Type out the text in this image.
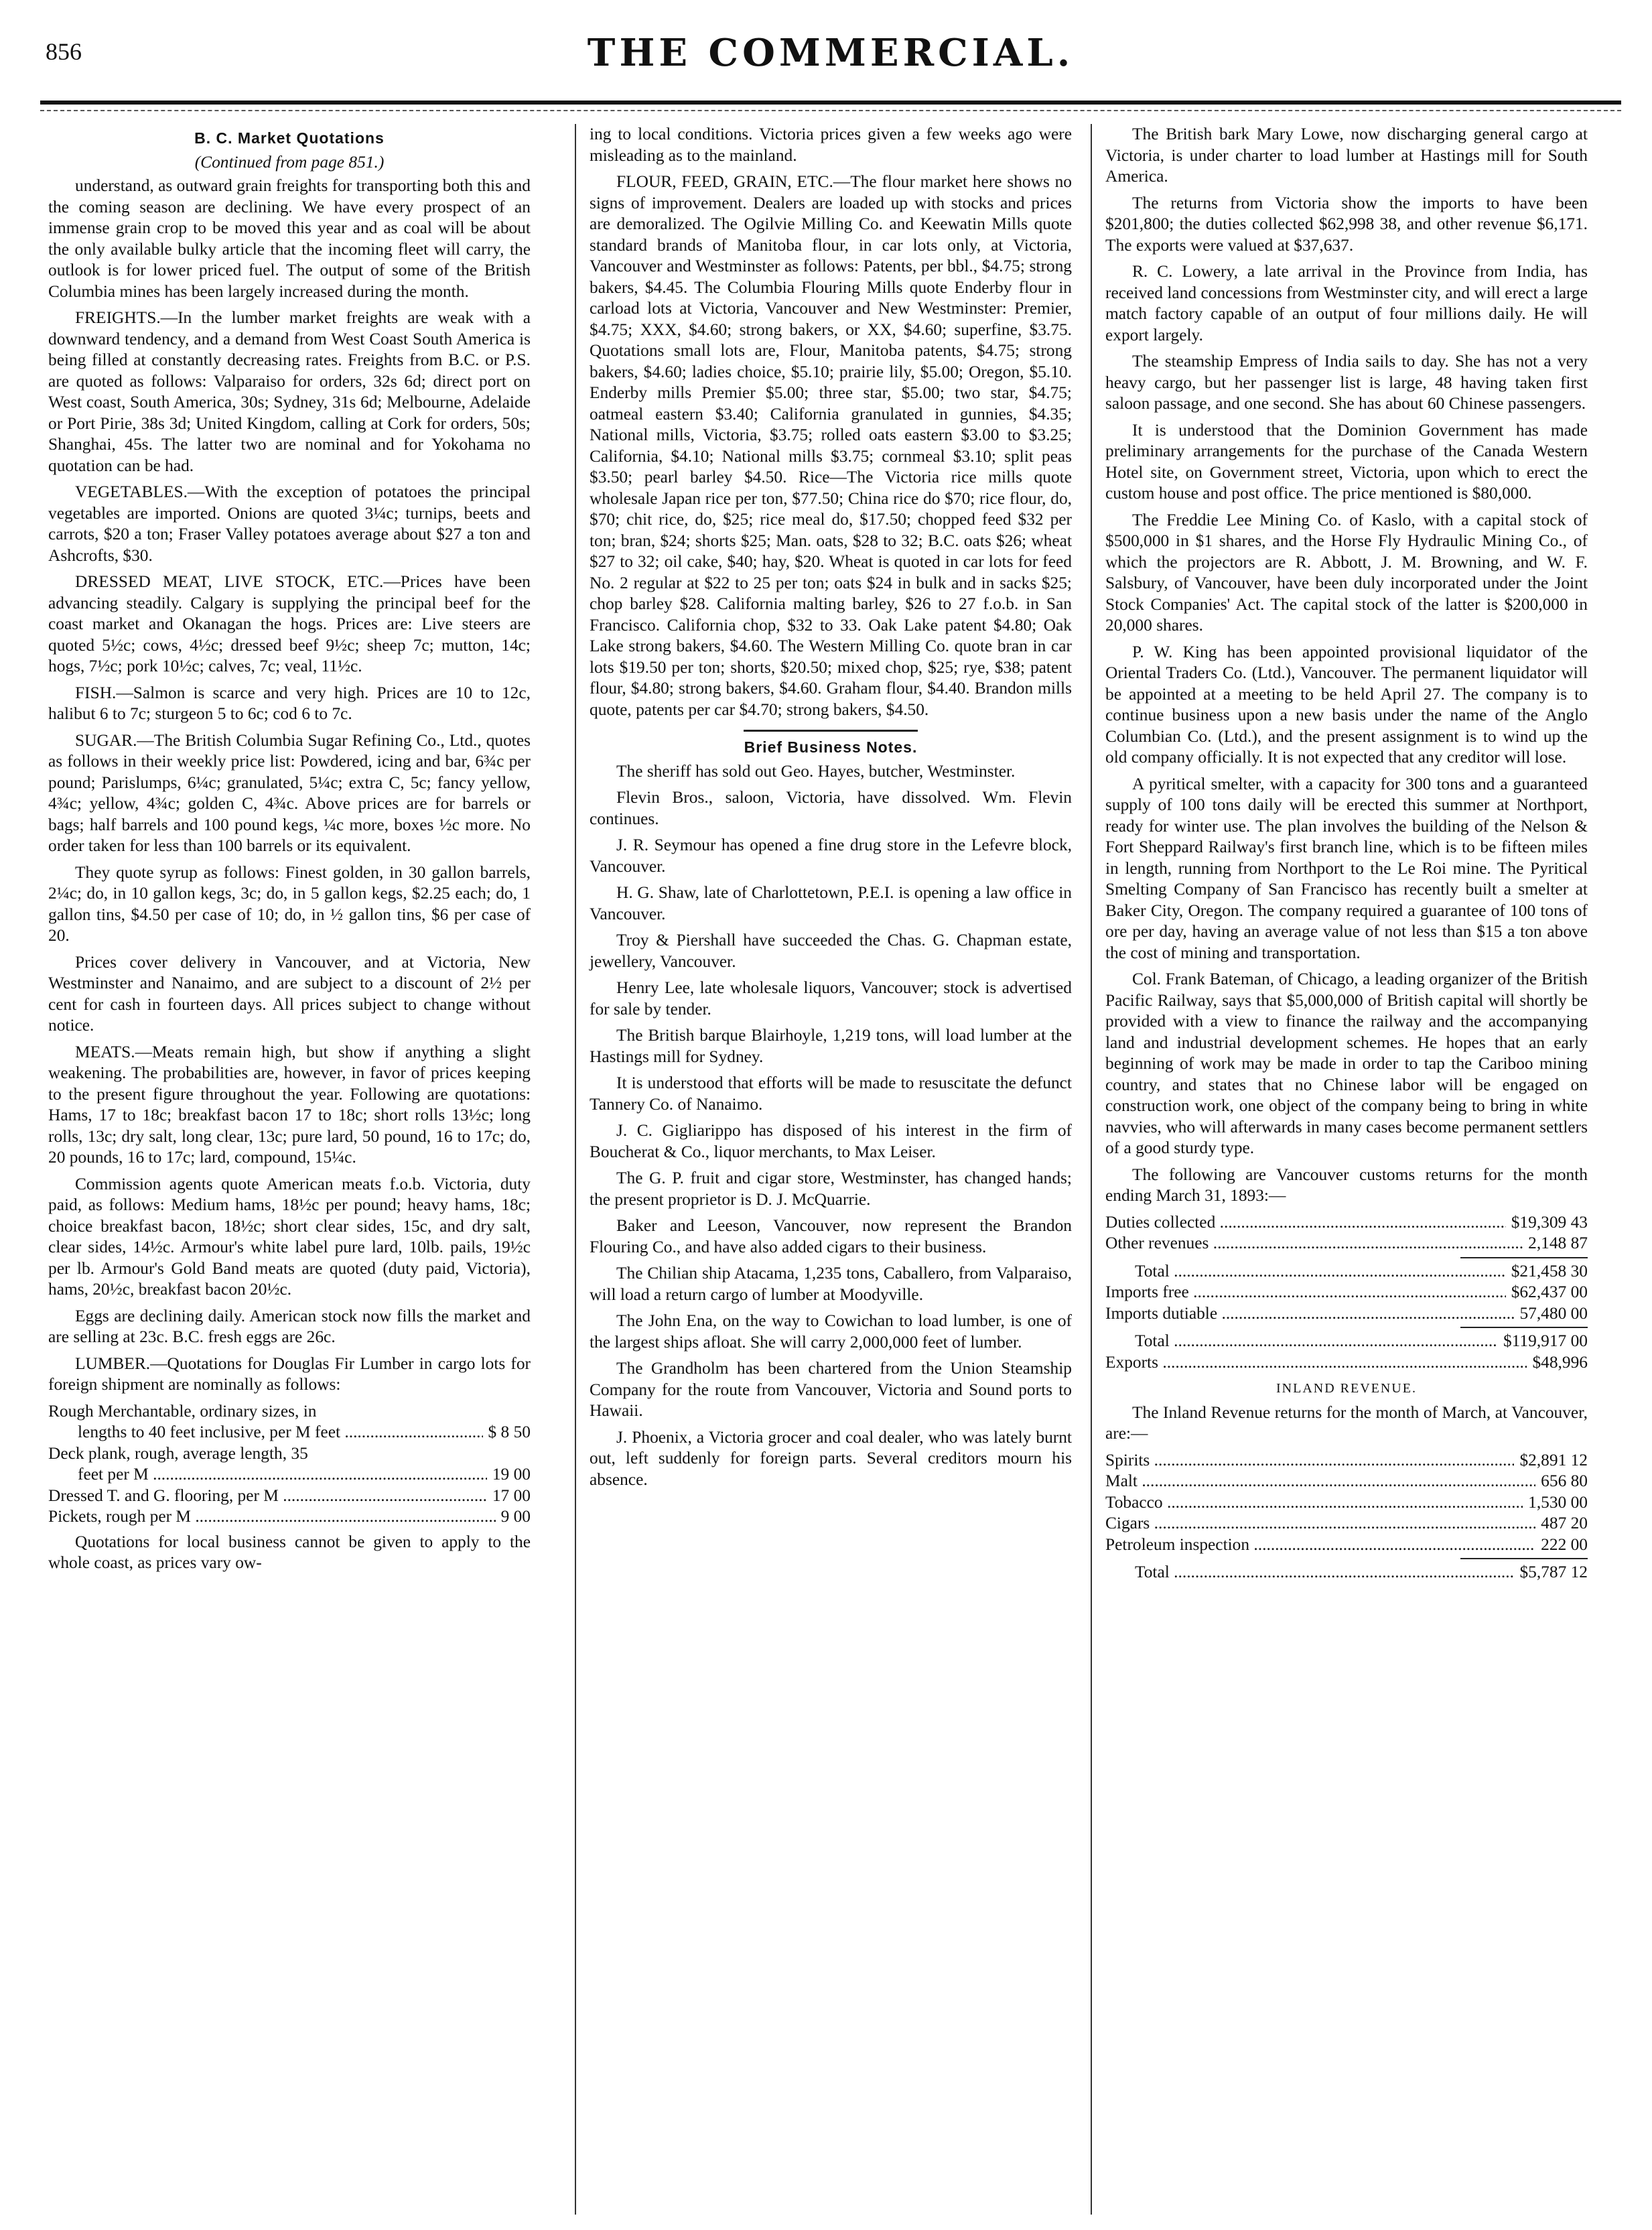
856	THE COMMERCIAL.
B. C. Market Quotations
(Continued from page 851.)

understand, as outward grain freights for transporting both this and the coming season are declining. We have every prospect of an immense grain crop to be moved this year and as coal will be about the only available bulky article that the incoming fleet will carry, the outlook is for lower priced fuel. The output of some of the British Columbia mines has been largely increased during the month.

FREIGHTS.—In the lumber market freights are weak with a downward tendency, and a demand from West Coast South America is being filled at constantly decreasing rates. Freights from B.C. or P.S. are quoted as follows: Valparaiso for orders, 32s 6d; direct port on West coast, South America, 30s; Sydney, 31s 6d; Melbourne, Adelaide or Port Pirie, 38s 3d; United Kingdom, calling at Cork for orders, 50s; Shanghai, 45s. The latter two are nominal and for Yokohama no quotation can be had.

VEGETABLES.—With the exception of potatoes the principal vegetables are imported. Onions are quoted 3¼c; turnips, beets and carrots, $20 a ton; Fraser Valley potatoes average about $27 a ton and Ashcrofts, $30.

DRESSED MEAT, LIVE STOCK, ETC.—Prices have been advancing steadily. Calgary is supplying the principal beef for the coast market and Okanagan the hogs. Prices are: Live steers are quoted 5½c; cows, 4½c; dressed beef 9½c; sheep 7c; mutton, 14c; hogs, 7½c; pork 10½c; calves, 7c; veal, 11½c.

FISH.—Salmon is scarce and very high. Prices are 10 to 12c, halibut 6 to 7c; sturgeon 5 to 6c; cod 6 to 7c.

SUGAR.—The British Columbia Sugar Refining Co., Ltd., quotes as follows in their weekly price list: Powdered, icing and bar, 6¾c per pound; Parislumps, 6¼c; granulated, 5¼c; extra C, 5c; fancy yellow, 4¾c; yellow, 4¾c; golden C, 4¾c. Above prices are for barrels or bags; half barrels and 100 pound kegs, ¼c more, boxes ½c more. No order taken for less than 100 barrels or its equivalent.

They quote syrup as follows: Finest golden, in 30 gallon barrels, 2¼c; do, in 10 gallon kegs, 3c; do, in 5 gallon kegs, $2.25 each; do, 1 gallon tins, $4.50 per case of 10; do, in ½ gallon tins, $6 per case of 20.

Prices cover delivery in Vancouver, and at Victoria, New Westminster and Nanaimo, and are subject to a discount of 2½ per cent for cash in fourteen days. All prices subject to change without notice.

MEATS.—Meats remain high, but show if anything a slight weakening. The probabilities are, however, in favor of prices keeping to the present figure throughout the year. Following are quotations: Hams, 17 to 18c; breakfast bacon 17 to 18c; short rolls 13½c; long rolls, 13c; dry salt, long clear, 13c; pure lard, 50 pound, 16 to 17c; do, 20 pounds, 16 to 17c; lard, compound, 15¼c.

Commission agents quote American meats f.o.b. Victoria, duty paid, as follows: Medium hams, 18½c per pound; heavy hams, 18c; choice breakfast bacon, 18½c; short clear sides, 15c, and dry salt, clear sides, 14½c. Armour's white label pure lard, 10lb. pails, 19½c per lb. Armour's Gold Band meats are quoted (duty paid, Victoria), hams, 20½c, breakfast bacon 20½c.

Eggs are declining daily. American stock now fills the market and are selling at 23c. B.C. fresh eggs are 26c.

LUMBER.—Quotations for Douglas Fir Lumber in cargo lots for foreign shipment are nominally as follows:

Rough Merchantable, ordinary sizes, in
lengths to 40 feet inclusive, per M feet .....	$ 8 50
Deck plank, rough, average length, 35
feet per M .....	19 00
Dressed T. and G. flooring, per M .....	17 00
Pickets, rough per M .....	9 00

Quotations for local business cannot be given to apply to the whole coast, as prices vary ow-

ing to local conditions. Victoria prices given a few weeks ago were misleading as to the mainland.

FLOUR, FEED, GRAIN, ETC.—The flour market here shows no signs of improvement. Dealers are loaded up with stocks and prices are demoralized. The Ogilvie Milling Co. and Keewatin Mills quote standard brands of Manitoba flour, in car lots only, at Victoria, Vancouver and Westminster as follows: Patents, per bbl., $4.75; strong bakers, $4.45. The Columbia Flouring Mills quote Enderby flour in carload lots at Victoria, Vancouver and New Westminster: Premier, $4.75; XXX, $4.60; strong bakers, or XX, $4.60; superfine, $3.75. Quotations small lots are, Flour, Manitoba patents, $4.75; strong bakers, $4.60; ladies choice, $5.10; prairie lily, $5.00; Oregon, $5.10. Enderby mills Premier $5.00; three star, $5.00; two star, $4.75; oatmeal eastern $3.40; California granulated in gunnies, $4.35; National mills, Victoria, $3.75; rolled oats eastern $3.00 to $3.25; California, $4.10; National mills $3.75; cornmeal $3.10; split peas $3.50; pearl barley $4.50. Rice—The Victoria rice mills quote wholesale Japan rice per ton, $77.50; China rice do $70; rice flour, do, $70; chit rice, do, $25; rice meal do, $17.50; chopped feed $32 per ton; bran, $24; shorts $25; Man. oats, $28 to 32; B.C. oats $26; wheat $27 to 32; oil cake, $40; hay, $20. Wheat is quoted in car lots for feed No. 2 regular at $22 to 25 per ton; oats $24 in bulk and in sacks $25; chop barley $28. California malting barley, $26 to 27 f.o.b. in San Francisco. California chop, $32 to 33. Oak Lake patent $4.80; Oak Lake strong bakers, $4.60. The Western Milling Co. quote bran in car lots $19.50 per ton; shorts, $20.50; mixed chop, $25; rye, $38; patent flour, $4.80; strong bakers, $4.60. Graham flour, $4.40. Brandon mills quote, patents per car $4.70; strong bakers, $4.50.

Brief Business Notes.

The sheriff has sold out Geo. Hayes, butcher, Westminster.

Flevin Bros., saloon, Victoria, have dissolved. Wm. Flevin continues.

J. R. Seymour has opened a fine drug store in the Lefevre block, Vancouver.

H. G. Shaw, late of Charlottetown, P.E.I. is opening a law office in Vancouver.

Troy & Piershall have succeeded the Chas. G. Chapman estate, jewellery, Vancouver.

Henry Lee, late wholesale liquors, Vancouver; stock is advertised for sale by tender.

The British barque Blairhoyle, 1,219 tons, will load lumber at the Hastings mill for Sydney.

It is understood that efforts will be made to resuscitate the defunct Tannery Co. of Nanaimo.

J. C. Gigliarippo has disposed of his interest in the firm of Boucherat & Co., liquor merchants, to Max Leiser.

The G. P. fruit and cigar store, Westminster, has changed hands; the present proprietor is D. J. McQuarrie.

Baker and Leeson, Vancouver, now represent the Brandon Flouring Co., and have also added cigars to their business.

The Chilian ship Atacama, 1,235 tons, Caballero, from Valparaiso, will load a return cargo of lumber at Moodyville.

The John Ena, on the way to Cowichan to load lumber, is one of the largest ships afloat. She will carry 2,000,000 feet of lumber.

The Grandholm has been chartered from the Union Steamship Company for the route from Vancouver, Victoria and Sound ports to Hawaii.

J. Phoenix, a Victoria grocer and coal dealer, who was lately burnt out, left suddenly for foreign parts. Several creditors mourn his absence.

The British bark Mary Lowe, now discharging general cargo at Victoria, is under charter to load lumber at Hastings mill for South America.

The returns from Victoria show the imports to have been $201,800; the duties collected $62,998 38, and other revenue $6,171. The exports were valued at $37,637.

R. C. Lowery, a late arrival in the Province from India, has received land concessions from Westminster city, and will erect a large match factory capable of an output of four millions daily. He will export largely.

The steamship Empress of India sails to day. She has not a very heavy cargo, but her passenger list is large, 48 having taken first saloon passage, and one second. She has about 60 Chinese passengers.

It is understood that the Dominion Government has made preliminary arrangements for the purchase of the Canada Western Hotel site, on Government street, Victoria, upon which to erect the custom house and post office. The price mentioned is $80,000.

The Freddie Lee Mining Co. of Kaslo, with a capital stock of $500,000 in $1 shares, and the Horse Fly Hydraulic Mining Co., of which the projectors are R. Abbott, J. M. Browning, and W. F. Salsbury, of Vancouver, have been duly incorporated under the Joint Stock Companies' Act. The capital stock of the latter is $200,000 in 20,000 shares.

P. W. King has been appointed provisional liquidator of the Oriental Traders Co. (Ltd.), Vancouver. The permanent liquidator will be appointed at a meeting to be held April 27. The company is to continue business upon a new basis under the name of the Anglo Columbian Co. (Ltd.), and the present assignment is to wind up the old company officially. It is not expected that any creditor will lose.

A pyritical smelter, with a capacity for 300 tons and a guaranteed supply of 100 tons daily will be erected this summer at Northport, ready for winter use. The plan involves the building of the Nelson & Fort Sheppard Railway's first branch line, which is to be fifteen miles in length, running from Northport to the Le Roi mine. The Pyritical Smelting Company of San Francisco has recently built a smelter at Baker City, Oregon. The company required a guarantee of 100 tons of ore per day, having an average value of not less than $15 a ton above the cost of mining and transportation.

Col. Frank Bateman, of Chicago, a leading organizer of the British Pacific Railway, says that $5,000,000 of British capital will shortly be provided with a view to finance the railway and the accompanying land and industrial development schemes. He hopes that an early beginning of work may be made in order to tap the Cariboo mining country, and states that no Chinese labor will be engaged on construction work, one object of the company being to bring in white navvies, who will afterwards in many cases become permanent settlers of a good sturdy type.

The following are Vancouver customs returns for the month ending March 31, 1893:—

Duties collected .....	$19,309 43
Other revenues .....	2,148 87
Total .....	$21,458 30
Imports free .....	$62,437 00
Imports dutiable .....	57,480 00
Total .....	$119,917 00
Exports .....	$48,996
INLAND REVENUE.

The Inland Revenue returns for the month of March, at Vancouver, are:—

Spirits .....	$2,891 12
Malt .....	656 80
Tobacco .....	1,530 00
Cigars .....	487 20
Petroleum inspection .....	222 00
Total .....	$5,787 12
